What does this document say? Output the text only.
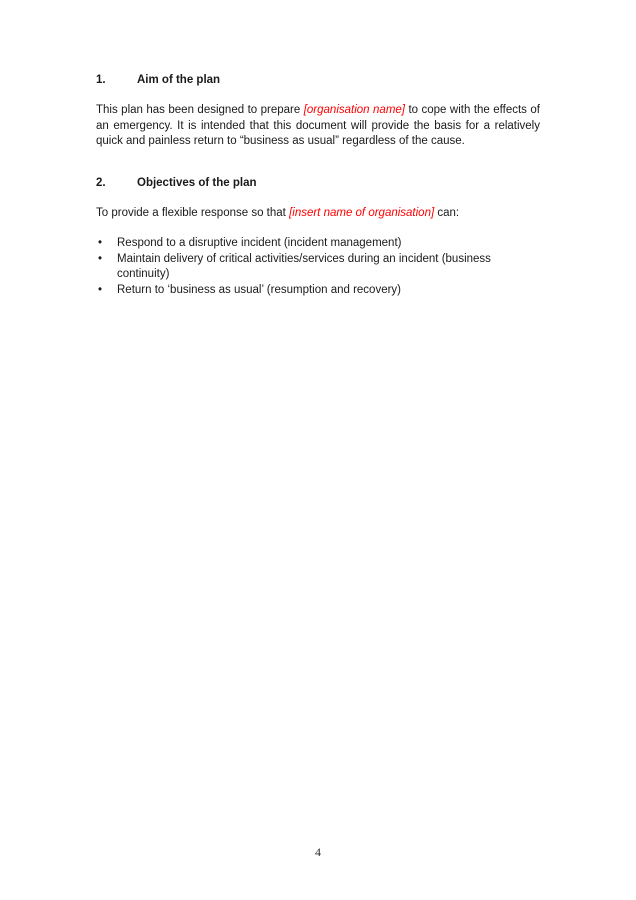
1.	Aim of the plan

This plan has been designed to prepare [organisation name] to cope with the effects of an emergency. It is intended that this document will provide the basis for a relatively quick and painless return to “business as usual” regardless of the cause.

2.	Objectives of the plan

To provide a flexible response so that [insert name of organisation] can:

• Respond to a disruptive incident (incident management)
• Maintain delivery of critical activities/services during an incident (business continuity)
• Return to ‘business as usual’ (resumption and recovery)
4
